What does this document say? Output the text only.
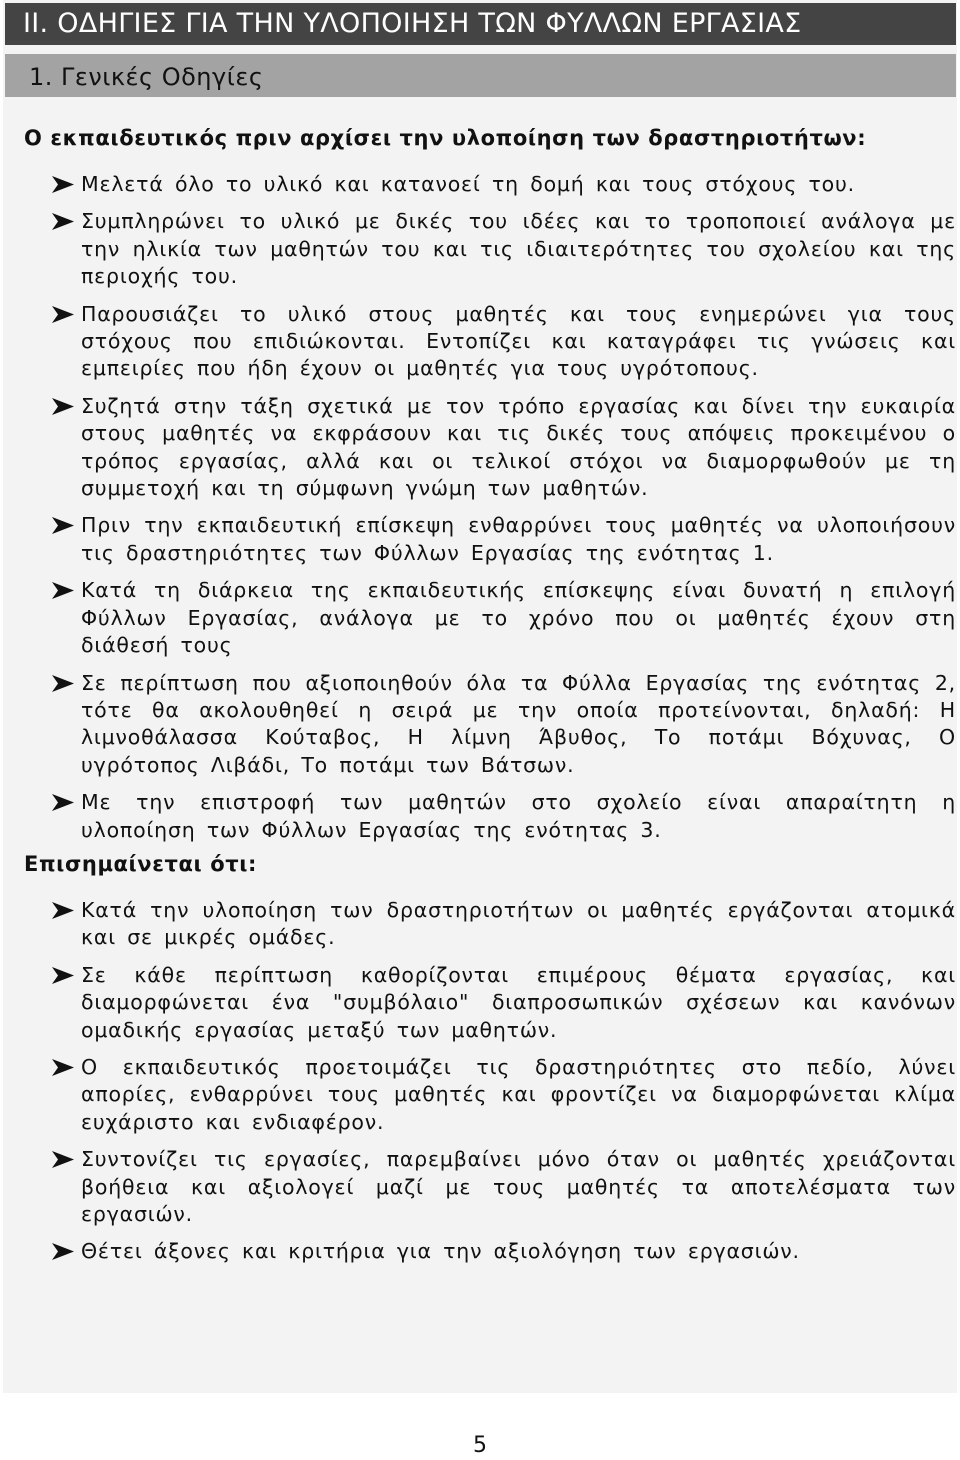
II. ΟΔΗΓΙΕΣ ΓΙΑ ΤΗΝ ΥΛΟΠΟΙΗΣΗ ΤΩΝ ΦΥΛΛΩΝ ΕΡΓΑΣΙΑΣ
1. Γενικές Οδηγίες
Ο εκπαιδευτικός πριν αρχίσει την υλοποίηση των δραστηριοτήτων:
Μελετά όλο το υλικό και κατανοεί τη δομή και τους στόχους του.
Συμπληρώνει το υλικό με δικές του ιδέες και το τροποποιεί ανάλογα με την ηλικία των μαθητών του και τις ιδιαιτερότητες του σχολείου και της περιοχής του.
Παρουσιάζει το υλικό στους μαθητές και τους ενημερώνει για τους στόχους που επιδιώκονται. Εντοπίζει και καταγράφει τις γνώσεις και εμπειρίες που ήδη έχουν οι μαθητές για τους υγρότοπους.
Συζητά στην τάξη σχετικά με τον τρόπο εργασίας και δίνει την ευκαιρία στους μαθητές να εκφράσουν και τις δικές τους απόψεις προκειμένου ο τρόπος εργασίας, αλλά και οι τελικοί στόχοι να διαμορφωθούν με τη συμμετοχή και τη σύμφωνη γνώμη των μαθητών.
Πριν την εκπαιδευτική επίσκεψη ενθαρρύνει τους μαθητές να υλοποιήσουν τις δραστηριότητες των Φύλλων Εργασίας της ενότητας 1.
Κατά τη διάρκεια της εκπαιδευτικής επίσκεψης είναι δυνατή η επιλογή Φύλλων Εργασίας, ανάλογα με το χρόνο που οι μαθητές έχουν στη διάθεσή τους
Σε περίπτωση που αξιοποιηθούν όλα τα Φύλλα Εργασίας της ενότητας 2, τότε θα ακολουθηθεί η σειρά με την οποία προτείνονται, δηλαδή: Η λιμνοθάλασσα Κούταβος, Η λίμνη Άβυθος, Το ποτάμι Βόχυνας, Ο υγρότοπος Λιβάδι, Το ποτάμι των Βάτσων.
Με την επιστροφή των μαθητών στο σχολείο είναι απαραίτητη η υλοποίηση των Φύλλων Εργασίας της ενότητας 3.
Επισημαίνεται ότι:
Κατά την υλοποίηση των δραστηριοτήτων οι μαθητές εργάζονται ατομικά και σε μικρές ομάδες.
Σε κάθε περίπτωση καθορίζονται επιμέρους θέματα εργασίας, και διαμορφώνεται ένα "συμβόλαιο" διαπροσωπικών σχέσεων και κανόνων ομαδικής εργασίας μεταξύ των μαθητών.
Ο εκπαιδευτικός προετοιμάζει τις δραστηριότητες στο πεδίο, λύνει απορίες, ενθαρρύνει τους μαθητές και φροντίζει να διαμορφώνεται κλίμα ευχάριστο και ενδιαφέρον.
Συντονίζει τις εργασίες, παρεμβαίνει μόνο όταν οι μαθητές χρειάζονται βοήθεια και αξιολογεί μαζί με τους μαθητές τα αποτελέσματα των εργασιών.
Θέτει άξονες και κριτήρια για την αξιολόγηση των εργασιών.
5
